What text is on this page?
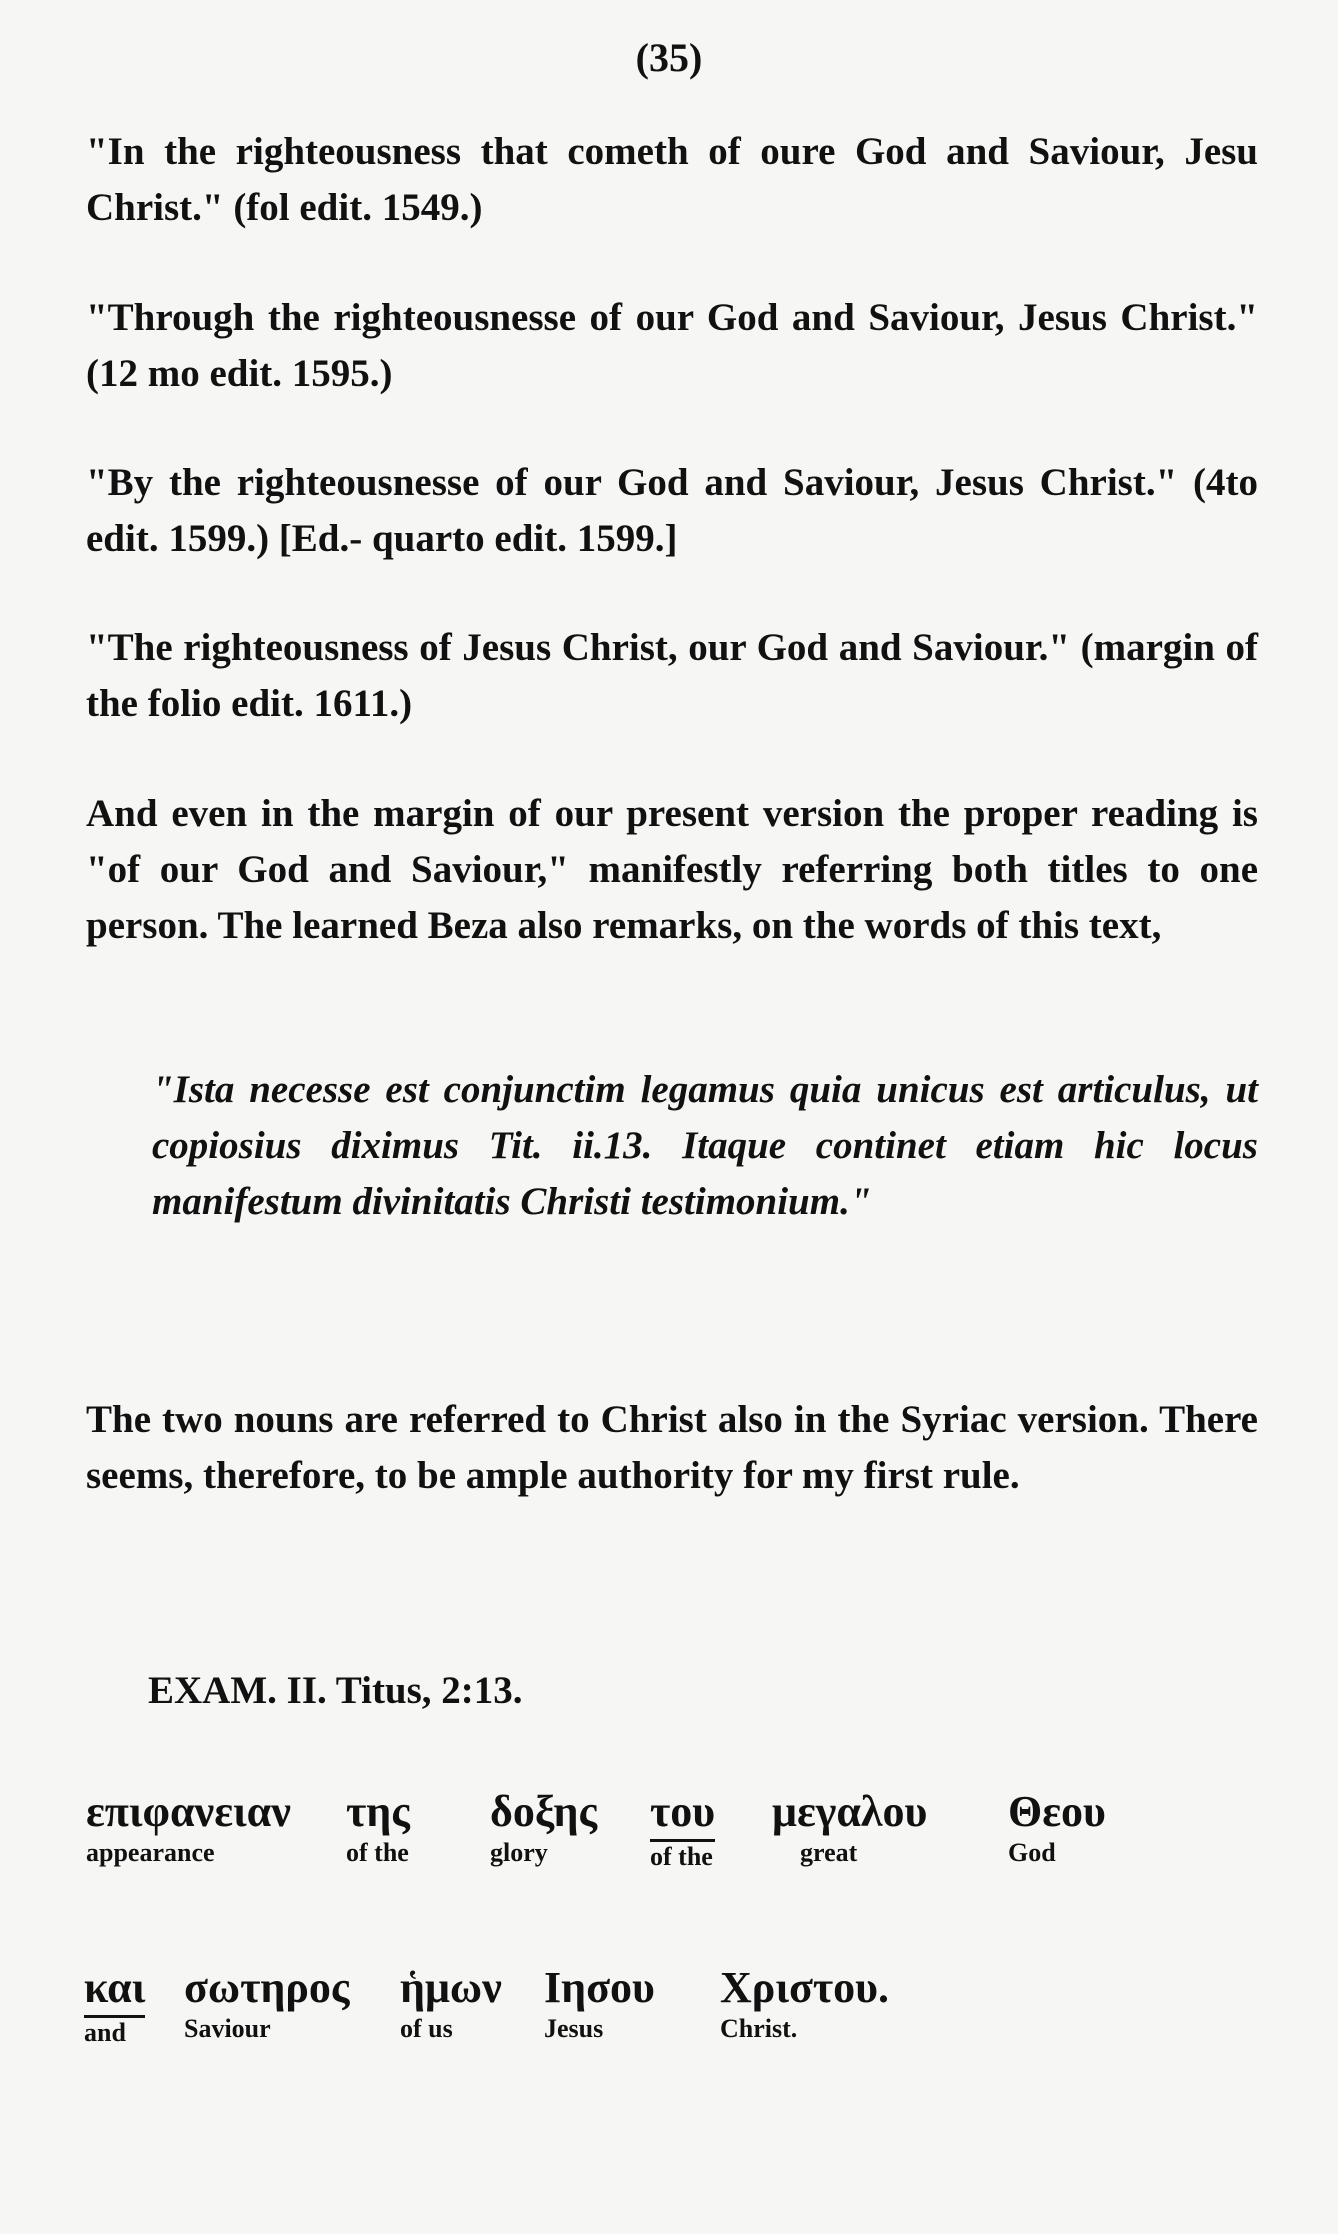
(35)

"In the righteousness that cometh of oure God and Saviour, Jesu Christ." (fol edit. 1549.)

"Through the righteousnesse of our God and Saviour, Jesus Christ." (12 mo edit. 1595.)

"By the righteousnesse of our God and Saviour, Jesus Christ." (4to edit. 1599.) [Ed.- quarto edit. 1599.]

"The righteousness of Jesus Christ, our God and Saviour." (margin of the folio edit. 1611.)

And even in the margin of our present version the proper reading is "of our God and Saviour," manifestly referring both titles to one person. The learned Beza also remarks, on the words of this text,

"Ista necesse est conjunctim legamus quia unicus est articulus, ut copiosius diximus Tit. ii.13. Itaque continet etiam hic locus manifestum divinitatis Christi testimonium."

The two nouns are referred to Christ also in the Syriac version. There seems, therefore, to be ample authority for my first rule.

EXAM. II. Titus, 2:13.
επιφανειαν
appearance
της
of the
δοξης
glory
του
of the
μεγαλου
great
Θεου
God
και
and
σωτηρος
Saviour
ἡμων
of us
Ιησου
Jesus
Χριστου.
Christ.
